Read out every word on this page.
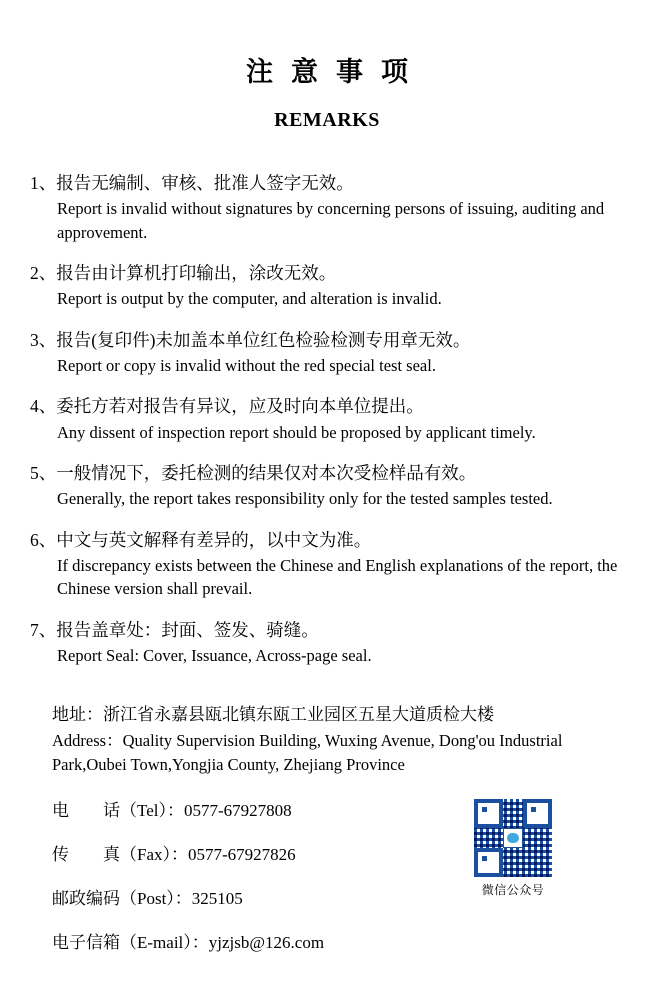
注意事项
REMARKS
1、报告无编制、审核、批准人签字无效。
Report is invalid without signatures by concerning persons of issuing, auditing and approvement.
2、报告由计算机打印输出，涂改无效。
Report is output by the computer, and alteration is invalid.
3、报告(复印件)未加盖本单位红色检验检测专用章无效。
Report or copy is invalid without the red special test seal.
4、委托方若对报告有异议，应及时向本单位提出。
Any dissent of inspection report should be proposed by applicant timely.
5、一般情况下，委托检测的结果仅对本次受检样品有效。
Generally, the report takes responsibility only for the tested samples tested.
6、中文与英文解释有差异的，以中文为准。
If discrepancy exists between the Chinese and English explanations of the report, the Chinese version shall prevail.
7、报告盖章处：封面、签发、骑缝。
Report Seal: Cover, Issuance, Across-page seal.
地址：浙江省永嘉县瓯北镇东瓯工业园区五星大道质检大楼
Address：Quality Supervision Building, Wuxing Avenue, Dong'ou Industrial Park,Oubei Town,Yongjia County, Zhejiang Province
电　　话（Tel）：0577-67927808
传　　真（Fax）：0577-67927826
邮政编码（Post）：325105
电子信箱（E-mail）：yjzjsb@126.com
微信公众号
